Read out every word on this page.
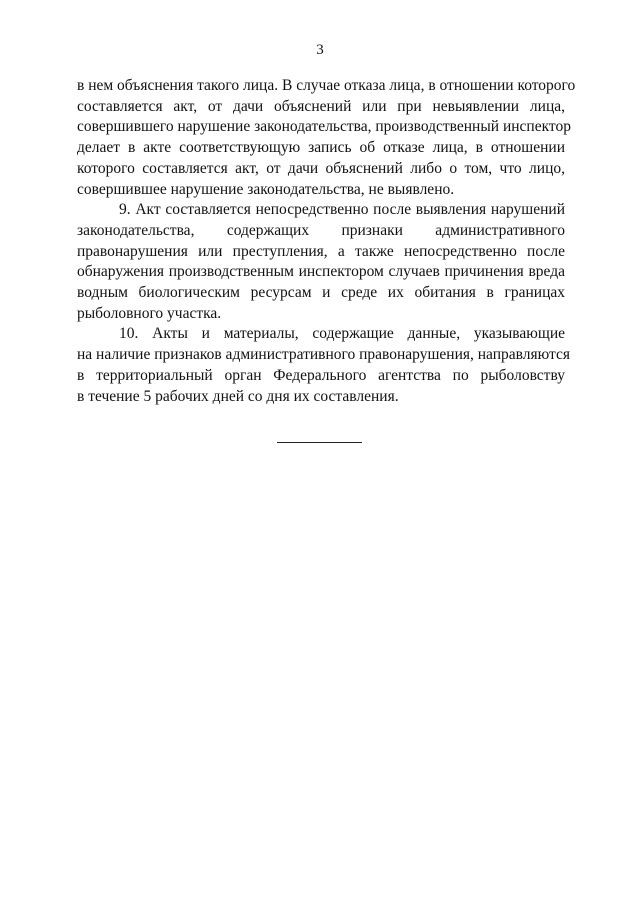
3

в нем объяснения такого лица. В случае отказа лица, в отношении которого
составляется акт, от дачи объяснений или при невыявлении лица,
совершившего нарушение законодательства, производственный инспектор
делает в акте соответствующую запись об отказе лица, в отношении
которого составляется акт, от дачи объяснений либо о том, что лицо,
совершившее нарушение законодательства, не выявлено.

9. Акт составляется непосредственно после выявления нарушений
законодательства, содержащих признаки административного
правонарушения или преступления, а также непосредственно после
обнаружения производственным инспектором случаев причинения вреда
водным биологическим ресурсам и среде их обитания в границах
рыболовного участка.

10. Акты и материалы, содержащие данные, указывающие
на наличие признаков административного правонарушения, направляются
в территориальный орган Федерального агентства по рыболовству
в течение 5 рабочих дней со дня их составления.
